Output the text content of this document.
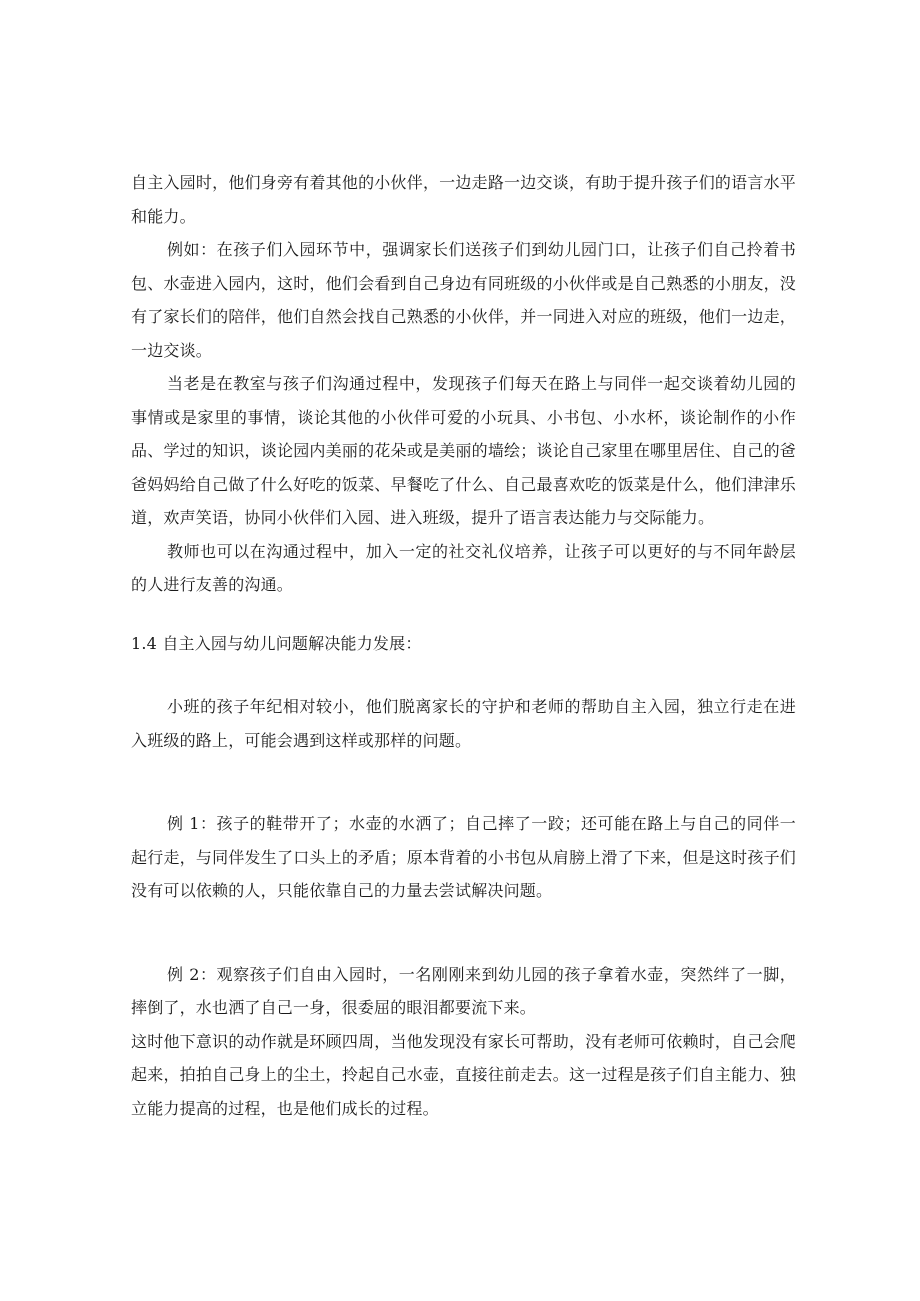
自主入园时，他们身旁有着其他的小伙伴，一边走路一边交谈，有助于提升孩子们的语言水平和能力。

例如：在孩子们入园环节中，强调家长们送孩子们到幼儿园门口，让孩子们自己拎着书包、水壶进入园内，这时，他们会看到自己身边有同班级的小伙伴或是自己熟悉的小朋友，没有了家长们的陪伴，他们自然会找自己熟悉的小伙伴，并一同进入对应的班级，他们一边走，一边交谈。

当老是在教室与孩子们沟通过程中，发现孩子们每天在路上与同伴一起交谈着幼儿园的事情或是家里的事情，谈论其他的小伙伴可爱的小玩具、小书包、小水杯，谈论制作的小作品、学过的知识，谈论园内美丽的花朵或是美丽的墙绘；谈论自己家里在哪里居住、自己的爸爸妈妈给自己做了什么好吃的饭菜、早餐吃了什么、自己最喜欢吃的饭菜是什么，他们津津乐道，欢声笑语，协同小伙伴们入园、进入班级，提升了语言表达能力与交际能力。

教师也可以在沟通过程中，加入一定的社交礼仪培养，让孩子可以更好的与不同年龄层的人进行友善的沟通。

1.4 自主入园与幼儿问题解决能力发展：

小班的孩子年纪相对较小，他们脱离家长的守护和老师的帮助自主入园，独立行走在进入班级的路上，可能会遇到这样或那样的问题。

例 1：孩子的鞋带开了；水壶的水洒了；自己摔了一跤；还可能在路上与自己的同伴一起行走，与同伴发生了口头上的矛盾；原本背着的小书包从肩膀上滑了下来，但是这时孩子们没有可以依赖的人，只能依靠自己的力量去尝试解决问题。

例 2：观察孩子们自由入园时，一名刚刚来到幼儿园的孩子拿着水壶，突然绊了一脚，摔倒了，水也洒了自己一身，很委屈的眼泪都要流下来。

这时他下意识的动作就是环顾四周，当他发现没有家长可帮助，没有老师可依赖时，自己会爬起来，拍拍自己身上的尘土，拎起自己水壶，直接往前走去。这一过程是孩子们自主能力、独立能力提高的过程，也是他们成长的过程。
